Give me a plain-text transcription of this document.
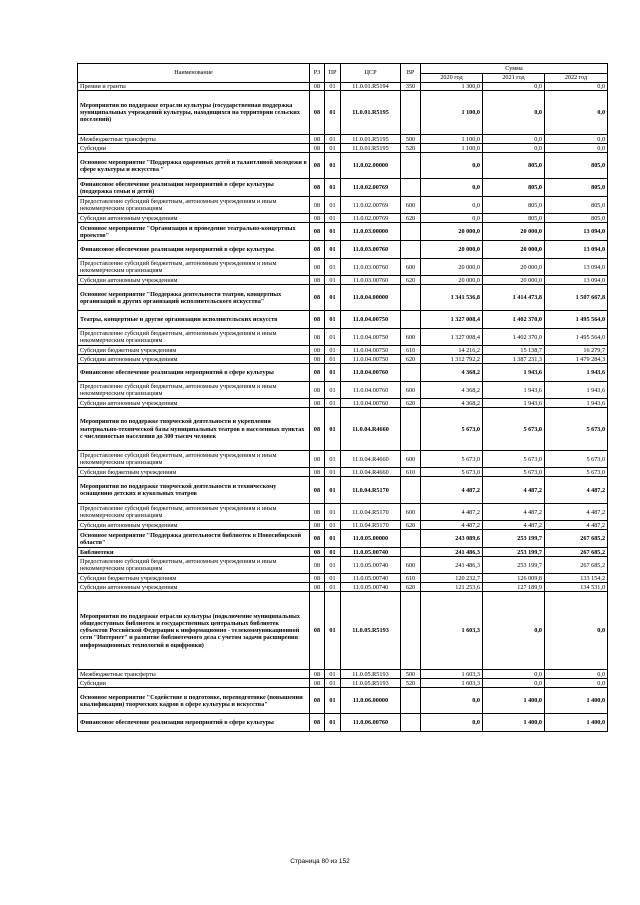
Наименование	РЗ	ПР	ЦСР	ВР	Сумма		
					2020 год	2021 год	2022 год
Премии и гранты	08	01	11.0.01.R5194	350	1 300,0	0,0	0,0
Мероприятия по поддержке отрасли культуры (государственная поддержка муниципальных учреждений культуры, находящихся на территории сельских поселений)	08	01	11.0.01.R5195		1 100,0	0,0	0,0
Межбюджетные трансферты	08	01	11.0.01.R5195	500	1 100,0	0,0	0,0
Субсидии	08	01	11.0.01.R5195	520	1 100,0	0,0	0,0
Основное мероприятие "Поддержка одаренных детей и талантливой молодежи в сфере культуры и искусства "	08	01	11.0.02.00000		0,0	805,0	805,0
Финансовое обеспечение реализации мероприятий в сфере культуры (поддержка семьи и детей)	08	01	11.0.02.00769		0,0	805,0	805,0
Предоставление субсидий бюджетным, автономным учреждениям и иным некоммерческим организациям	08	01	11.0.02.00769	600	0,0	805,0	805,0
Субсидии автономным учреждениям	08	01	11.0.02.00769	620	0,0	805,0	805,0
Основное мероприятие "Организация и проведение театрально-концертных проектов"	08	01	11.0.03.00000		20 000,0	20 000,0	13 094,0
Финансовое обеспечение реализации мероприятий в сфере культуры	08	01	11.0.03.00760		20 000,0	20 000,0	13 094,0
Предоставление субсидий бюджетным, автономным учреждениям и иным некоммерческим организациям	08	01	11.0.03.00760	600	20 000,0	20 000,0	13 094,0
Субсидии автономным учреждениям	08	01	11.0.03.00760	620	20 000,0	20 000,0	13 094,0
Основное мероприятие "Поддержка деятельности театров, концертных организаций и других организаций исполнительского искусства"	08	01	11.0.04.00000		1 341 536,8	1 414 473,8	1 507 667,8
Театры, концертные и другие организации исполнительских искусств	08	01	11.0.04.00750		1 327 008,4	1 402 370,0	1 495 564,0
Предоставление субсидий бюджетным, автономным учреждениям и иным некоммерческим организациям	08	01	11.0.04.00750	600	1 327 008,4	1 402 370,0	1 495 564,0
Субсидии бюджетным учреждениям	08	01	11.0.04.00750	610	14 216,2	15 138,7	16 279,7
Субсидии автономным учреждениям	08	01	11.0.04.00750	620	1 312 792,2	1 387 231,3	1 479 284,3
Финансовое обеспечение реализации мероприятий в сфере культуры	08	01	11.0.04.00760		4 368,2	1 943,6	1 943,6
Предоставление субсидий бюджетным, автономным учреждениям и иным некоммерческим организациям	08	01	11.0.04.00760	600	4 368,2	1 943,6	1 943,6
Субсидии автономным учреждениям	08	01	11.0.04.00760	620	4 368,2	1 943,6	1 943,6
Мероприятия по поддержке творческой деятельности и укрепления материально-технической базы муниципальных театров в населенных пунктах с численностью населения до 300 тысяч человек	08	01	11.0.04.R4660		5 673,0	5 673,0	5 673,0
Предоставление субсидий бюджетным, автономным учреждениям и иным некоммерческим организациям	08	01	11.0.04.R4660	600	5 673,0	5 673,0	5 673,0
Субсидии бюджетным учреждениям	08	01	11.0.04.R4660	610	5 673,0	5 673,0	5 673,0
Мероприятия по поддержке творческой деятельности и техническому оснащению детских и кукольных театров	08	01	11.0.04.R5170		4 487,2	4 487,2	4 487,2
Предоставление субсидий бюджетным, автономным учреждениям и иным некоммерческим организациям	08	01	11.0.04.R5170	600	4 487,2	4 487,2	4 487,2
Субсидии автономным учреждениям	08	01	11.0.04.R5170	620	4 487,2	4 487,2	4 487,2
Основное мероприятие "Поддержка деятельности библиотек в Новосибирской области"	08	01	11.0.05.00000		243 089,6	253 199,7	267 685,2
Библиотеки	08	01	11.0.05.00740		241 486,3	253 199,7	267 685,2
Предоставление субсидий бюджетным, автономным учреждениям и иным некоммерческим организациям	08	01	11.0.05.00740	600	241 486,3	253 199,7	267 685,2
Субсидии бюджетным учреждениям	08	01	11.0.05.00740	610	120 232,7	126 009,8	133 154,2
Субсидии автономным учреждениям	08	01	11.0.05.00740	620	121 253,6	127 189,9	134 531,0
Мероприятия по поддержке отрасли культуры (подключение муниципальных общедоступных библиотек и государственных центральных библиотек субъектов Российской Федерации к информационно - телекоммуникационной сети "Интернет" и развитие библиотечного дела с учетом задачи расширения информационных технологий и оцифровки)	08	01	11.0.05.R5193		1 603,3	0,0	0,0
Межбюджетные трансферты	08	01	11.0.05.R5193	500	1 603,3	0,0	0,0
Субсидии	08	01	11.0.05.R5193	520	1 603,3	0,0	0,0
Основное мероприятие "Содействие в подготовке, переподготовке (повышении квалификации) творческих кадров в сфере культуры и искусства"	08	01	11.0.06.00000		0,0	1 400,0	1 400,0
Финансовое обеспечение реализации мероприятий в сфере культуры	08	01	11.0.06.00760		0,0	1 400,0	1 400,0
Страница 80 из 152
